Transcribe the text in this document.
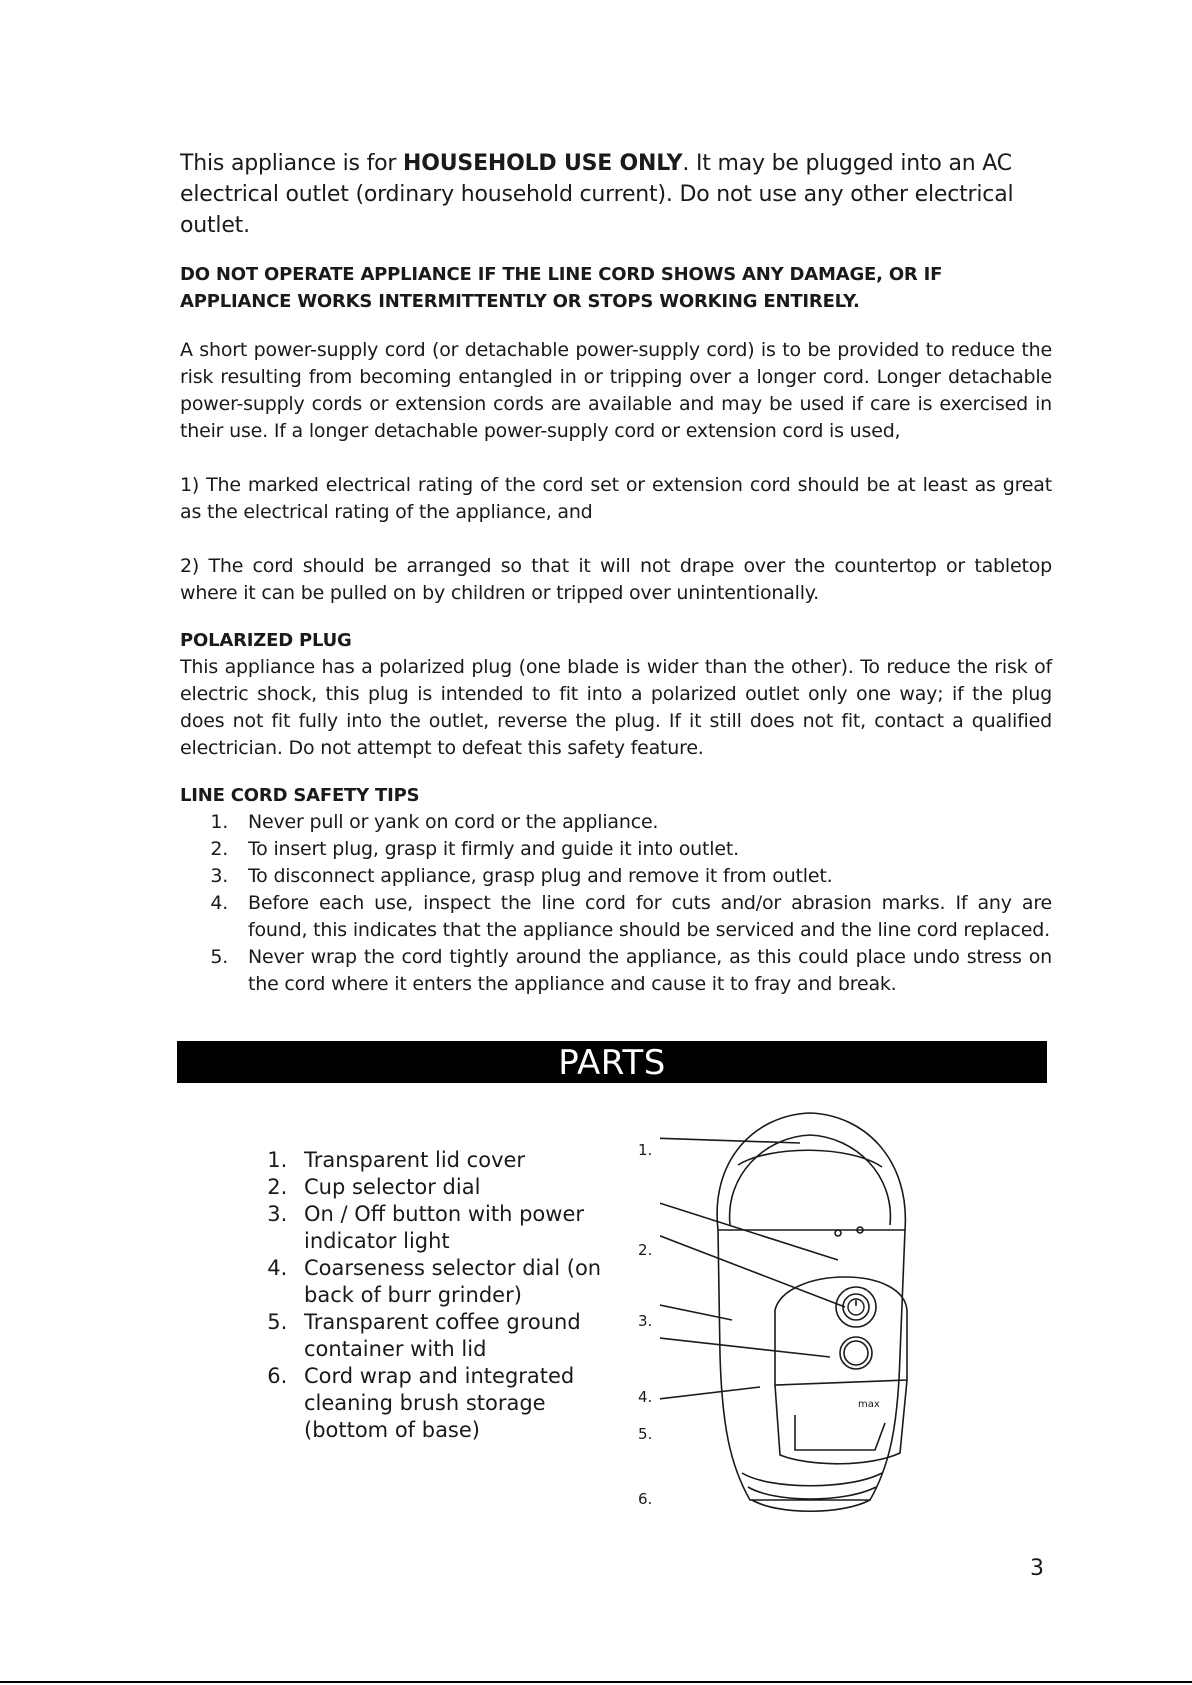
This appliance is for HOUSEHOLD USE ONLY. It may be plugged into an AC electrical outlet (ordinary household current). Do not use any other electrical outlet.

DO NOT OPERATE APPLIANCE IF THE LINE CORD SHOWS ANY DAMAGE, OR IF APPLIANCE WORKS INTERMITTENTLY OR STOPS WORKING ENTIRELY.

A short power-supply cord (or detachable power-supply cord) is to be provided to reduce the risk resulting from becoming entangled in or tripping over a longer cord. Longer detachable power-supply cords or extension cords are available and may be used if care is exercised in their use. If a longer detachable power-supply cord or extension cord is used,

1) The marked electrical rating of the cord set or extension cord should be at least as great as the electrical rating of the appliance, and

2) The cord should be arranged so that it will not drape over the countertop or tabletop where it can be pulled on by children or tripped over unintentionally.

POLARIZED PLUG

This appliance has a polarized plug (one blade is wider than the other). To reduce the risk of electric shock, this plug is intended to fit into a polarized outlet only one way; if the plug does not fit fully into the outlet, reverse the plug. If it still does not fit, contact a qualified electrician. Do not attempt to defeat this safety feature.

LINE CORD SAFETY TIPS

1. Never pull or yank on cord or the appliance.
2. To insert plug, grasp it firmly and guide it into outlet.
3. To disconnect appliance, grasp plug and remove it from outlet.
4. Before each use, inspect the line cord for cuts and/or abrasion marks. If any are found, this indicates that the appliance should be serviced and the line cord replaced.
5. Never wrap the cord tightly around the appliance, as this could place undo stress on the cord where it enters the appliance and cause it to fray and break.
PARTS
1. Transparent lid cover
2. Cup selector dial
3. On / Off button with power indicator light
4. Coarseness selector dial (on back of burr grinder)
5. Transparent coffee ground container with lid
6. Cord wrap and integrated cleaning brush storage (bottom of base)
max
1.
2.
3.
4.
5.
6.
3
